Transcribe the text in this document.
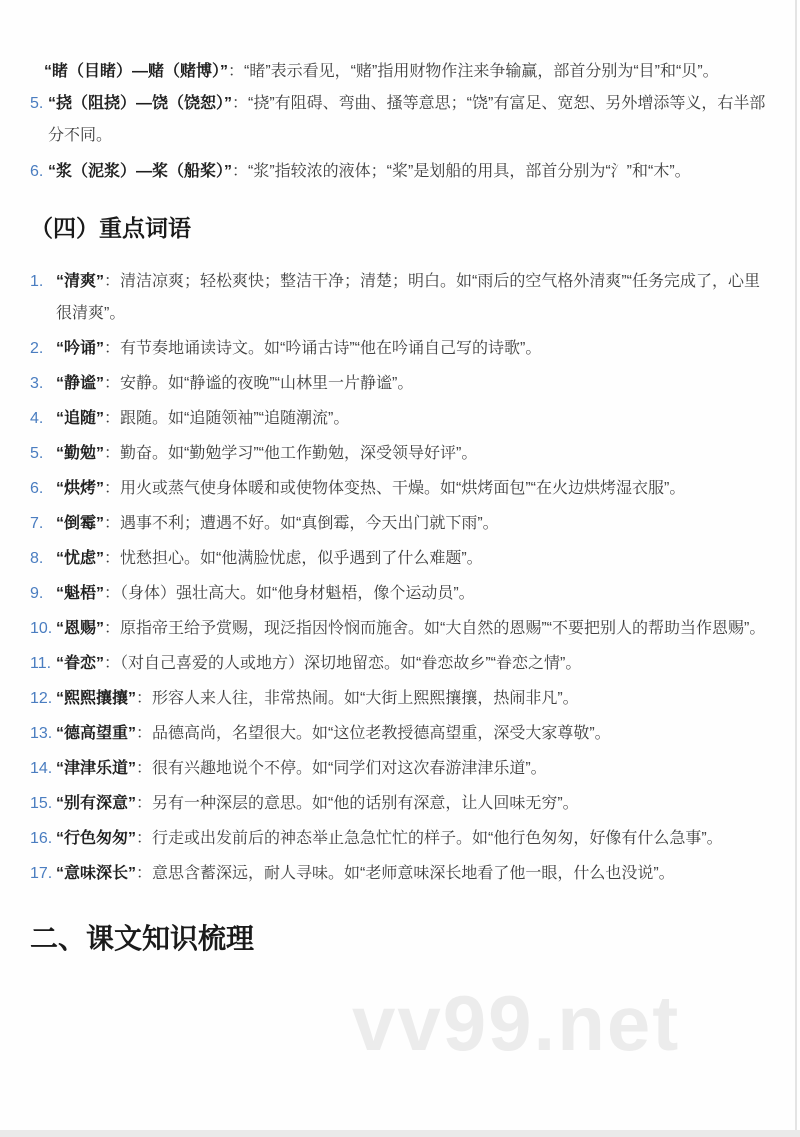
vv99.net

“睹（目睹）—赌（赌博）”：“睹”表示看见，“赌”指用财物作注来争输赢，部首分别为“目”和“贝”。

5. “挠（阻挠）—饶（饶恕）”：“挠”有阻碍、弯曲、搔等意思；“饶”有富足、宽恕、另外增添等义，右半部分不同。

6. “浆（泥浆）—桨（船桨）”：“浆”指较浓的液体；“桨”是划船的用具，部首分别为“氵”和“木”。

（四）重点词语
1. “清爽”：清洁凉爽；轻松爽快；整洁干净；清楚；明白。如“雨后的空气格外清爽”“任务完成了，心里很清爽”。

2. “吟诵”：有节奏地诵读诗文。如“吟诵古诗”“他在吟诵自己写的诗歌”。

3. “静谧”：安静。如“静谧的夜晚”“山林里一片静谧”。

4. “追随”：跟随。如“追随领袖”“追随潮流”。

5. “勤勉”：勤奋。如“勤勉学习”“他工作勤勉，深受领导好评”。

6. “烘烤”：用火或蒸气使身体暖和或使物体变热、干燥。如“烘烤面包”“在火边烘烤湿衣服”。

7. “倒霉”：遇事不利；遭遇不好。如“真倒霉，今天出门就下雨”。

8. “忧虑”：忧愁担心。如“他满脸忧虑，似乎遇到了什么难题”。

9. “魁梧”：（身体）强壮高大。如“他身材魁梧，像个运动员”。

10. “恩赐”：原指帝王给予赏赐，现泛指因怜悯而施舍。如“大自然的恩赐”“不要把别人的帮助当作恩赐”。

11. “眷恋”：（对自己喜爱的人或地方）深切地留恋。如“眷恋故乡”“眷恋之情”。

12. “熙熙攘攘”：形容人来人往，非常热闹。如“大街上熙熙攘攘，热闹非凡”。

13. “德高望重”：品德高尚，名望很大。如“这位老教授德高望重，深受大家尊敬”。

14. “津津乐道”：很有兴趣地说个不停。如“同学们对这次春游津津乐道”。

15. “别有深意”：另有一种深层的意思。如“他的话别有深意，让人回味无穷”。

16. “行色匆匆”：行走或出发前后的神态举止急急忙忙的样子。如“他行色匆匆，好像有什么急事”。

17. “意味深长”：意思含蓄深远，耐人寻味。如“老师意味深长地看了他一眼，什么也没说”。

二、课文知识梳理
